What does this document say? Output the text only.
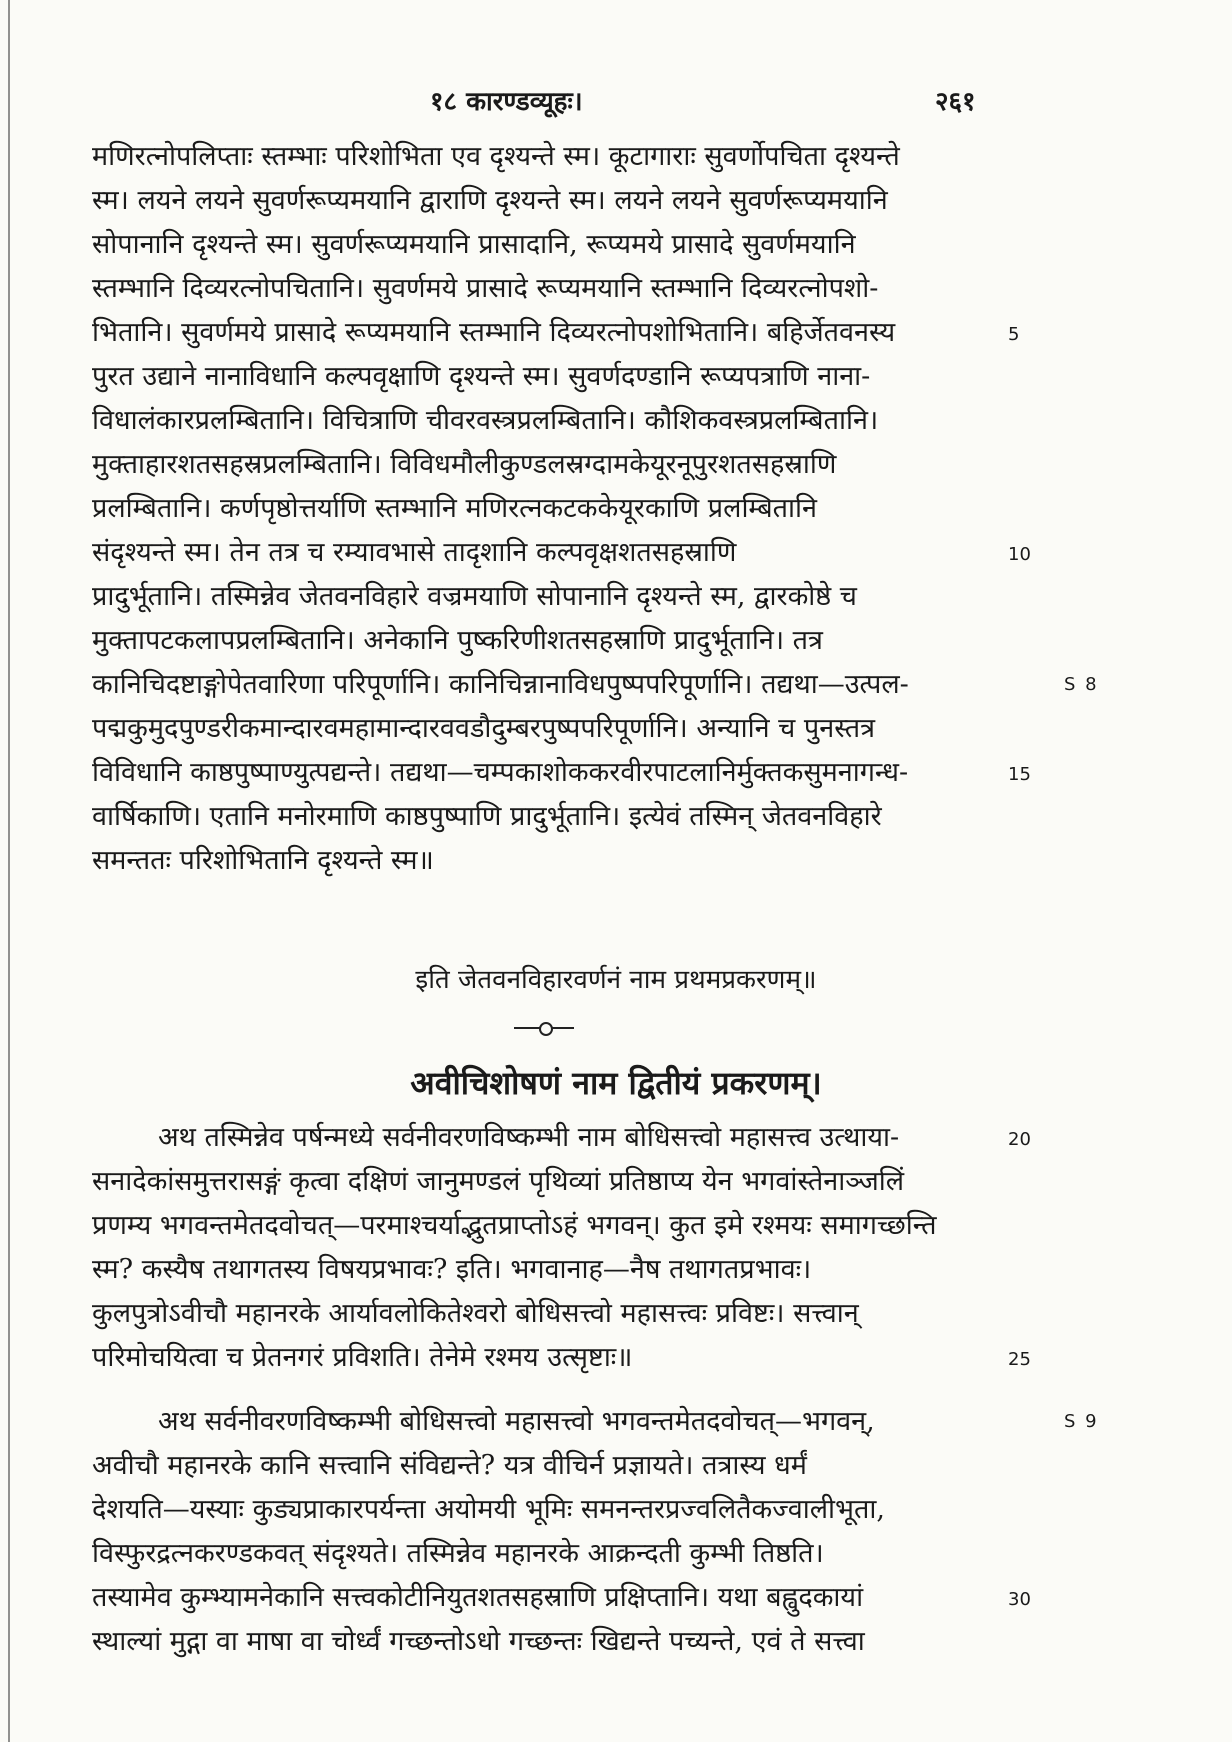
१८ कारण्डव्यूहः।	२६१
मणिरत्नोपलिप्ताः स्तम्भाः परिशोभिता एव दृश्यन्ते स्म। कूटागाराः सुवर्णोपचिता दृश्यन्ते
स्म। लयने लयने सुवर्णरूप्यमयानि द्वाराणि दृश्यन्ते स्म। लयने लयने सुवर्णरूप्यमयानि
सोपानानि दृश्यन्ते स्म। सुवर्णरूप्यमयानि प्रासादानि, रूप्यमये प्रासादे सुवर्णमयानि
स्तम्भानि दिव्यरत्नोपचितानि। सुवर्णमये प्रासादे रूप्यमयानि स्तम्भानि दिव्यरत्नोपशो-
भितानि। सुवर्णमये प्रासादे रूप्यमयानि स्तम्भानि दिव्यरत्नोपशोभितानि। बहिर्जेतवनस्य
पुरत उद्याने नानाविधानि कल्पवृक्षाणि दृश्यन्ते स्म। सुवर्णदण्डानि रूप्यपत्राणि नाना-
विधालंकारप्रलम्बितानि। विचित्राणि चीवरवस्त्रप्रलम्बितानि। कौशिकवस्त्रप्रलम्बितानि।
मुक्ताहारशतसहस्रप्रलम्बितानि। विविधमौलीकुण्डलस्रग्दामकेयूरनूपुरशतसहस्राणि
प्रलम्बितानि। कर्णपृष्ठोत्तर्याणि स्तम्भानि मणिरत्नकटककेयूरकाणि प्रलम्बितानि
संदृश्यन्ते स्म। तेन तत्र च रम्यावभासे तादृशानि कल्पवृक्षशतसहस्राणि
प्रादुर्भूतानि। तस्मिन्नेव जेतवनविहारे वज्रमयाणि सोपानानि दृश्यन्ते स्म, द्वारकोष्ठे च
मुक्तापटकलापप्रलम्बितानि। अनेकानि पुष्करिणीशतसहस्राणि प्रादुर्भूतानि। तत्र
कानिचिदष्टाङ्गोपेतवारिणा परिपूर्णानि। कानिचिन्नानाविधपुष्पपरिपूर्णानि। तद्यथा—उत्पल-
पद्मकुमुदपुण्डरीकमान्दारवमहामान्दारववडौदुम्बरपुष्पपरिपूर्णानि। अन्यानि च पुनस्तत्र
विविधानि काष्ठपुष्पाण्युत्पद्यन्ते। तद्यथा—चम्पकाशोककरवीरपाटलानिर्मुक्तकसुमनागन्ध-
वार्षिकाणि। एतानि मनोरमाणि काष्ठपुष्पाणि प्रादुर्भूतानि। इत्येवं तस्मिन् जेतवनविहारे
समन्ततः परिशोभितानि दृश्यन्ते स्म॥
इति जेतवनविहारवर्णनं नाम प्रथमप्रकरणम्॥
अवीचिशोषणं नाम द्वितीयं प्रकरणम्।
अथ तस्मिन्नेव पर्षन्मध्ये सर्वनीवरणविष्कम्भी नाम बोधिसत्त्वो महासत्त्व उत्थाया-
सनादेकांसमुत्तरासङ्गं कृत्वा दक्षिणं जानुमण्डलं पृथिव्यां प्रतिष्ठाप्य येन भगवांस्तेनाञ्जलिं
प्रणम्य भगवन्तमेतदवोचत्—परमाश्चर्याद्भुतप्राप्तोऽहं भगवन्। कुत इमे रश्मयः समागच्छन्ति
स्म? कस्यैष तथागतस्य विषयप्रभावः? इति। भगवानाह—नैष तथागतप्रभावः।
कुलपुत्रोऽवीचौ महानरके आर्यावलोकितेश्वरो बोधिसत्त्वो महासत्त्वः प्रविष्टः। सत्त्वान्
परिमोचयित्वा च प्रेतनगरं प्रविशति। तेनेमे रश्मय उत्सृष्टाः॥
अथ सर्वनीवरणविष्कम्भी बोधिसत्त्वो महासत्त्वो भगवन्तमेतदवोचत्—भगवन्,
अवीचौ महानरके कानि सत्त्वानि संविद्यन्ते? यत्र वीचिर्न प्रज्ञायते। तत्रास्य धर्मं
देशयति—यस्याः कुड्यप्राकारपर्यन्ता अयोमयी भूमिः समनन्तरप्रज्वलितैकज्वालीभूता,
विस्फुरद्रत्नकरण्डकवत् संदृश्यते। तस्मिन्नेव महानरके आक्रन्दती कुम्भी तिष्ठति।
तस्यामेव कुम्भ्यामनेकानि सत्त्वकोटीनियुतशतसहस्राणि प्रक्षिप्तानि। यथा बह्वुदकायां
स्थाल्यां मुद्गा वा माषा वा चोर्ध्वं गच्छन्तोऽधो गच्छन्तः खिद्यन्ते पच्यन्ते, एवं ते सत्त्वा
5
10
15
20
25
30
S 8
S 9
